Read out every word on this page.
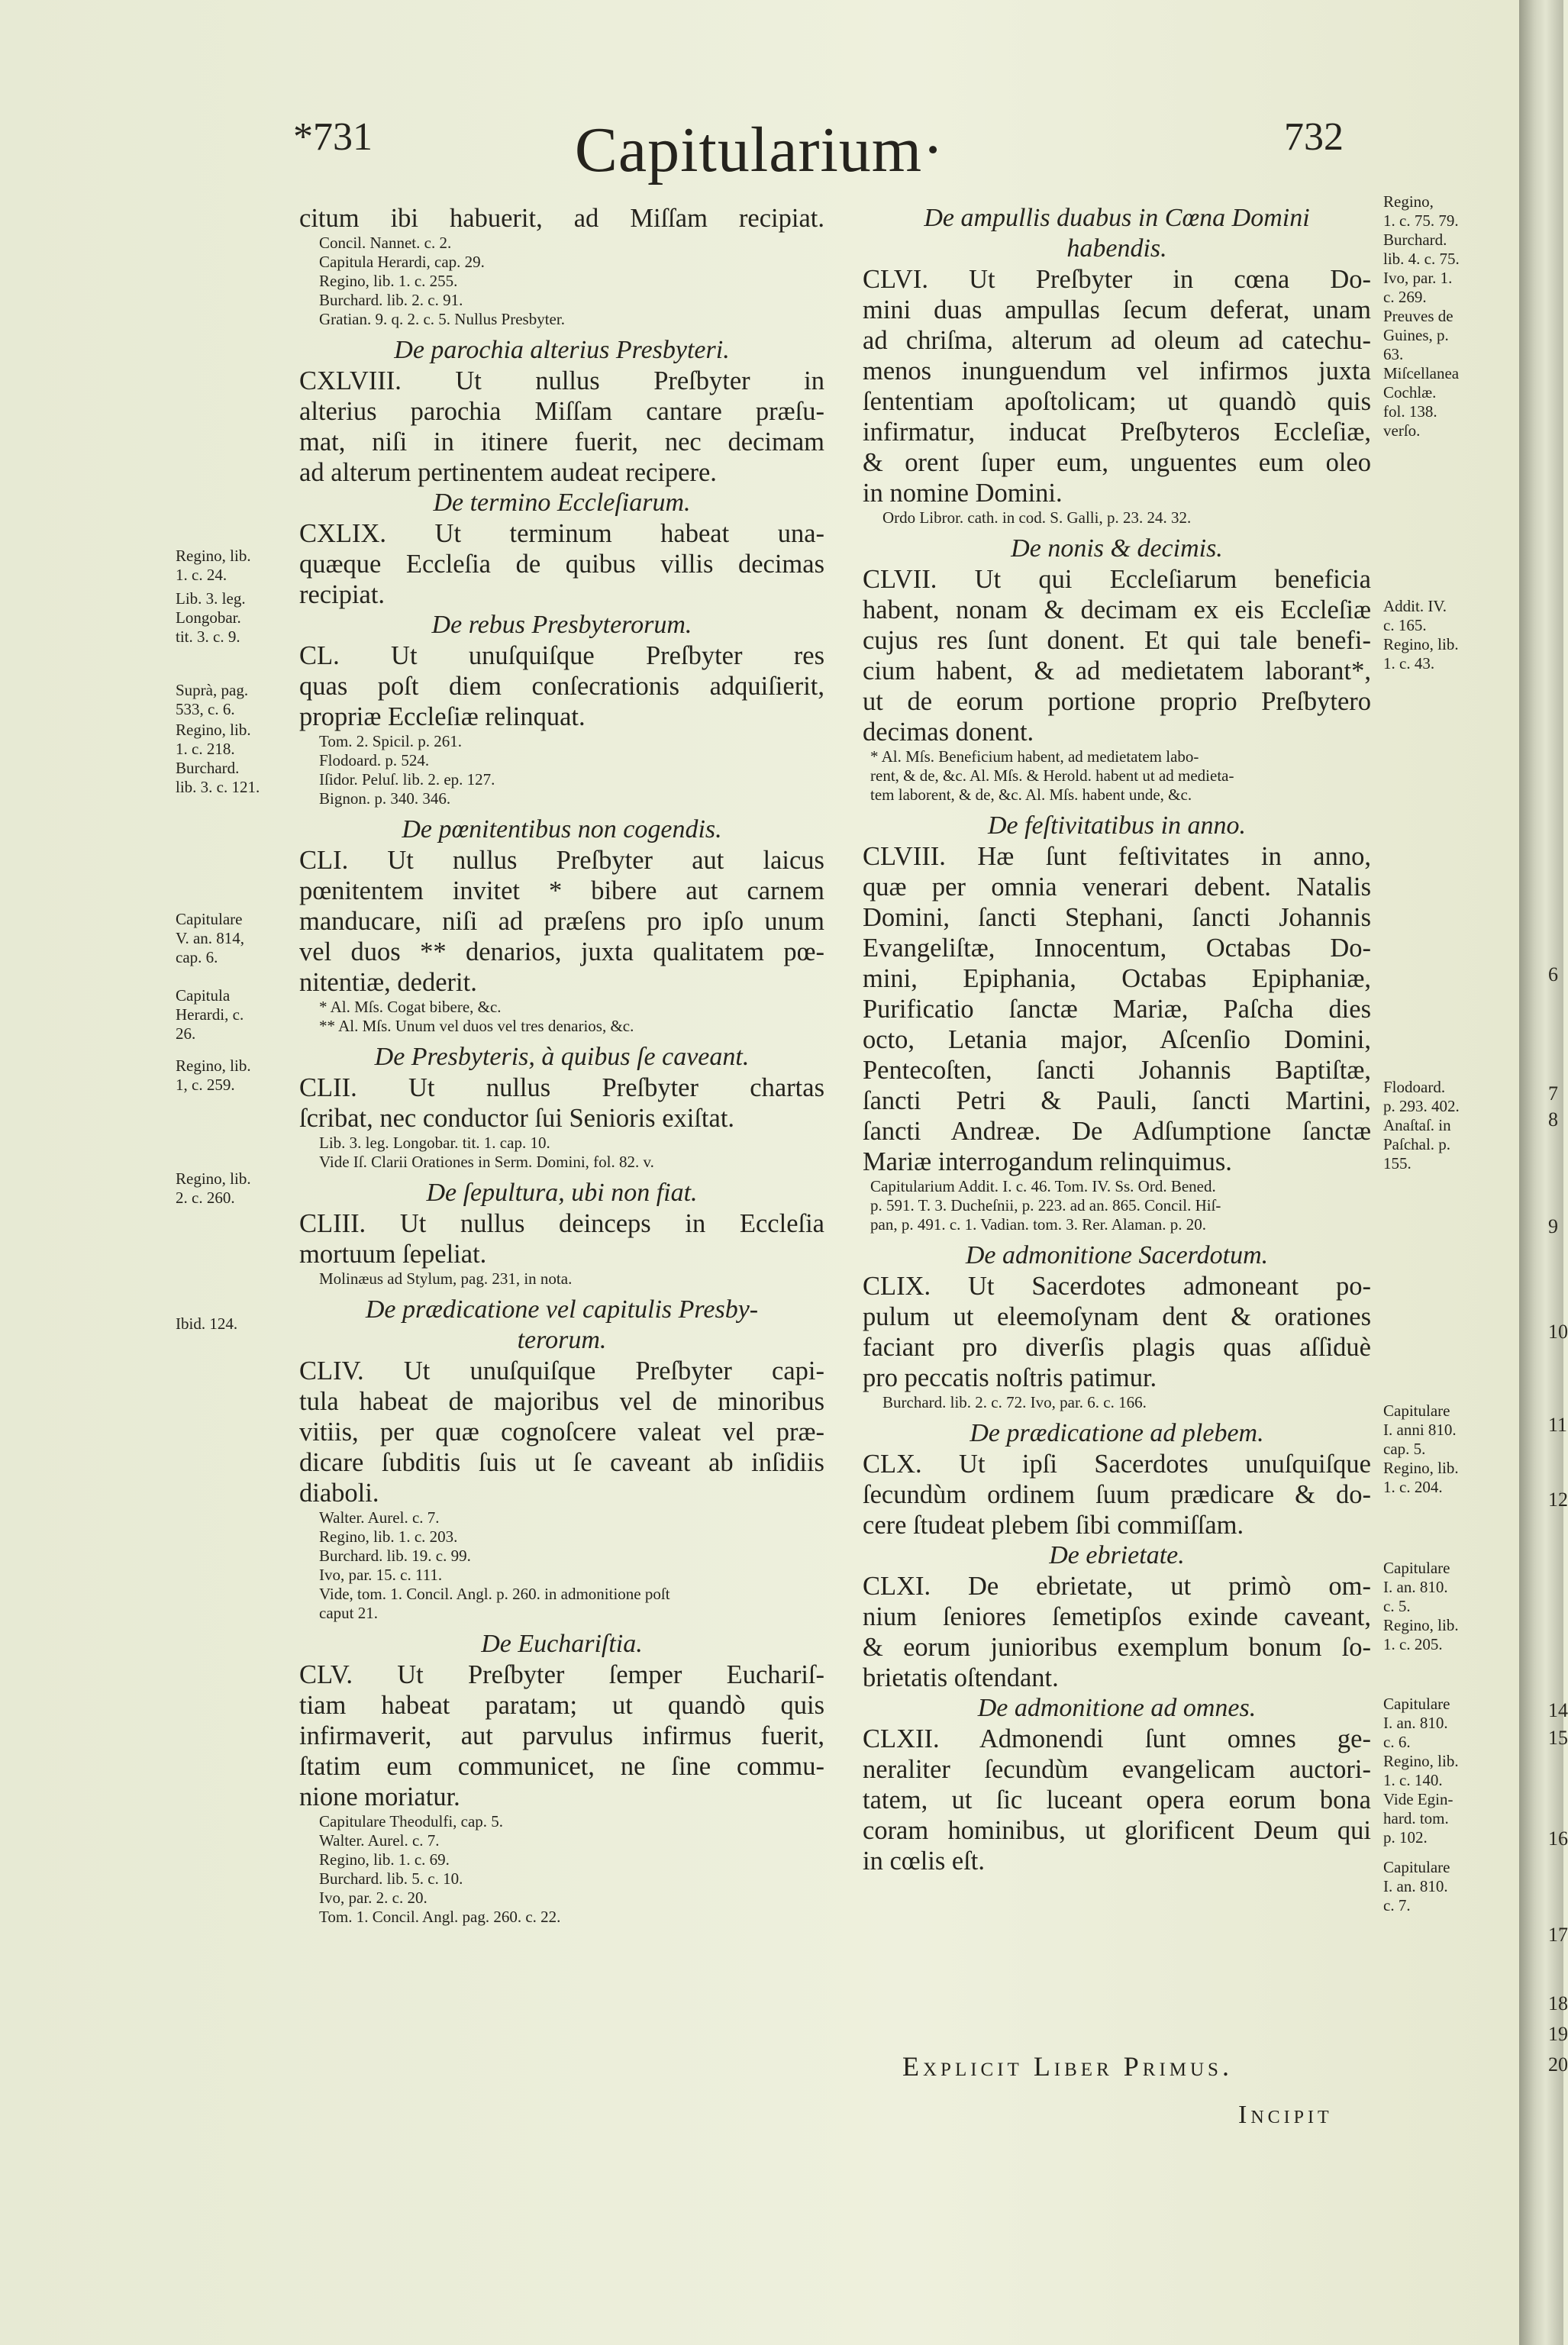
*731	Capitularium·	732
citum ibi habuerit, ad Miſſam recipiat.
Concil. Nannet. c. 2.
Capitula Herardi, cap. 29.
Regino, lib. 1. c. 255.
Burchard. lib. 2. c. 91.
Gratian. 9. q. 2. c. 5. Nullus Presbyter.
De parochia alterius Presbyteri.
CXLVIII. Ut nullus Preſbyter in
alterius parochia Miſſam cantare præſu-
mat, niſi in itinere fuerit, nec decimam
ad alterum pertinentem audeat recipere.
De termino Eccleſiarum.
CXLIX. Ut terminum habeat una-
quæque Eccleſia de quibus villis decimas
recipiat.
De rebus Presbyterorum.
CL. Ut unuſquiſque Preſbyter res
quas poſt diem conſecrationis adquiſierit,
propriæ Eccleſiæ relinquat.
Tom. 2. Spicil. p. 261.
Flodoard. p. 524.
Iſidor. Peluſ. lib. 2. ep. 127.
Bignon. p. 340. 346.
De pœnitentibus non cogendis.
CLI. Ut nullus Preſbyter aut laicus
pœnitentem invitet * bibere aut carnem
manducare, niſi ad præſens pro ipſo unum
vel duos ** denarios, juxta qualitatem pœ-
nitentiæ, dederit.
* Al. Mſs. Cogat bibere, &c.
** Al. Mſs. Unum vel duos vel tres denarios, &c.
De Presbyteris, à quibus ſe caveant.
CLII. Ut nullus Preſbyter chartas
ſcribat, nec conductor ſui Senioris exiſtat.
Lib. 3. leg. Longobar. tit. 1. cap. 10.
Vide Iſ. Clarii Orationes in Serm. Domini, fol. 82. v.
De ſepultura, ubi non fiat.
CLIII. Ut nullus deinceps in Eccleſia
mortuum ſepeliat.
Molinæus ad Stylum, pag. 231, in nota.
De prædicatione vel capitulis Presby-
terorum.
CLIV. Ut unuſquiſque Preſbyter capi-
tula habeat de majoribus vel de minoribus
vitiis, per quæ cognoſcere valeat vel præ-
dicare ſubditis ſuis ut ſe caveant ab inſidiis
diaboli.
Walter. Aurel. c. 7.
Regino, lib. 1. c. 203.
Burchard. lib. 19. c. 99.
Ivo, par. 15. c. 111.
Vide, tom. 1. Concil. Angl. p. 260. in admonitione poſt
caput 21.
De Euchariſtia.
CLV. Ut Preſbyter ſemper Euchariſ-
tiam habeat paratam; ut quandò quis
infirmaverit, aut parvulus infirmus fuerit,
ſtatim eum communicet, ne ſine commu-
nione moriatur.
Capitulare Theodulfi, cap. 5.
Walter. Aurel. c. 7.
Regino, lib. 1. c. 69.
Burchard. lib. 5. c. 10.
Ivo, par. 2. c. 20.
Tom. 1. Concil. Angl. pag. 260. c. 22.
De ampullis duabus in Cœna Domini
habendis.
CLVI. Ut Preſbyter in cœna Do-
mini duas ampullas ſecum deferat, unam
ad chriſma, alterum ad oleum ad catechu-
menos inunguendum vel infirmos juxta
ſententiam apoſtolicam; ut quandò quis
infirmatur, inducat Preſbyteros Eccleſiæ,
& orent ſuper eum, unguentes eum oleo
in nomine Domini.
Ordo Libror. cath. in cod. S. Galli, p. 23. 24. 32.
De nonis & decimis.
CLVII. Ut qui Eccleſiarum beneficia
habent, nonam & decimam ex eis Eccleſiæ
cujus res ſunt donent. Et qui tale benefi-
cium habent, & ad medietatem laborant*,
ut de eorum portione proprio Preſbytero
decimas donent.
* Al. Mſs. Beneficium habent, ad medietatem labo-
rent, & de, &c. Al. Mſs. & Herold. habent ut ad medieta-
tem laborent, & de, &c. Al. Mſs. habent unde, &c.
De feſtivitatibus in anno.
CLVIII. Hæ ſunt feſtivitates in anno,
quæ per omnia venerari debent. Natalis
Domini, ſancti Stephani, ſancti Johannis
Evangeliſtæ, Innocentum, Octabas Do-
mini, Epiphania, Octabas Epiphaniæ,
Purificatio ſanctæ Mariæ, Paſcha dies
octo, Letania major, Aſcenſio Domini,
Pentecoſten, ſancti Johannis Baptiſtæ,
ſancti Petri & Pauli, ſancti Martini,
ſancti Andreæ. De Adſumptione ſanctæ
Mariæ interrogandum relinquimus.
Capitularium Addit. I. c. 46. Tom. IV. Ss. Ord. Bened.
p. 591. T. 3. Ducheſnii, p. 223. ad an. 865. Concil. Hiſ-
pan, p. 491. c. 1. Vadian. tom. 3. Rer. Alaman. p. 20.
De admonitione Sacerdotum.
CLIX. Ut Sacerdotes admoneant po-
pulum ut eleemoſynam dent & orationes
faciant pro diverſis plagis quas aſſiduè
pro peccatis noſtris patimur.
Burchard. lib. 2. c. 72. Ivo, par. 6. c. 166.
De prædicatione ad plebem.
CLX. Ut ipſi Sacerdotes unuſquiſque
ſecundùm ordinem ſuum prædicare & do-
cere ſtudeat plebem ſibi commiſſam.
De ebrietate.
CLXI. De ebrietate, ut primò om-
nium ſeniores ſemetipſos exinde caveant,
& eorum junioribus exemplum bonum ſo-
brietatis oſtendant.
De admonitione ad omnes.
CLXII. Admonendi ſunt omnes ge-
neraliter ſecundùm evangelicam auctori-
tatem, ut ſic luceant opera eorum bona
coram hominibus, ut glorificent Deum qui
in cœlis eſt.
Regino, lib.
1. c. 24.
Lib. 3. leg.
Longobar.
tit. 3. c. 9.
Suprà, pag.
533, c. 6.
Regino, lib.
1. c. 218.
Burchard.
lib. 3. c. 121.
Capitulare
V. an. 814,
cap. 6.
Capitula
Herardi, c.
26.
Regino, lib.
1, c. 259.
Regino, lib.
2. c. 260.
Ibid. 124.
Regino,
1. c. 75. 79.
Burchard.
lib. 4. c. 75.
Ivo, par. 1.
c. 269.
Preuves de
Guines, p.
63.
Miſcellanea
Cochlæ.
fol. 138.
verſo.
Addit. IV.
c. 165.
Regino, lib.
1. c. 43.
Flodoard.
p. 293. 402.
Anaſtaſ. in
Paſchal. p.
155.
Capitulare
I. anni 810.
cap. 5.
Regino, lib.
1. c. 204.
Capitulare
I. an. 810.
c. 5.
Regino, lib.
1. c. 205.
Capitulare
I. an. 810.
c. 6.
Regino, lib.
1. c. 140.
Vide Egin-
hard. tom.
p. 102.
Capitulare
I. an. 810.
c. 7.
6
7
8
9
10
11
12
14
15
16
17
18
19
20
Explicit Liber Primus.
Incipit
